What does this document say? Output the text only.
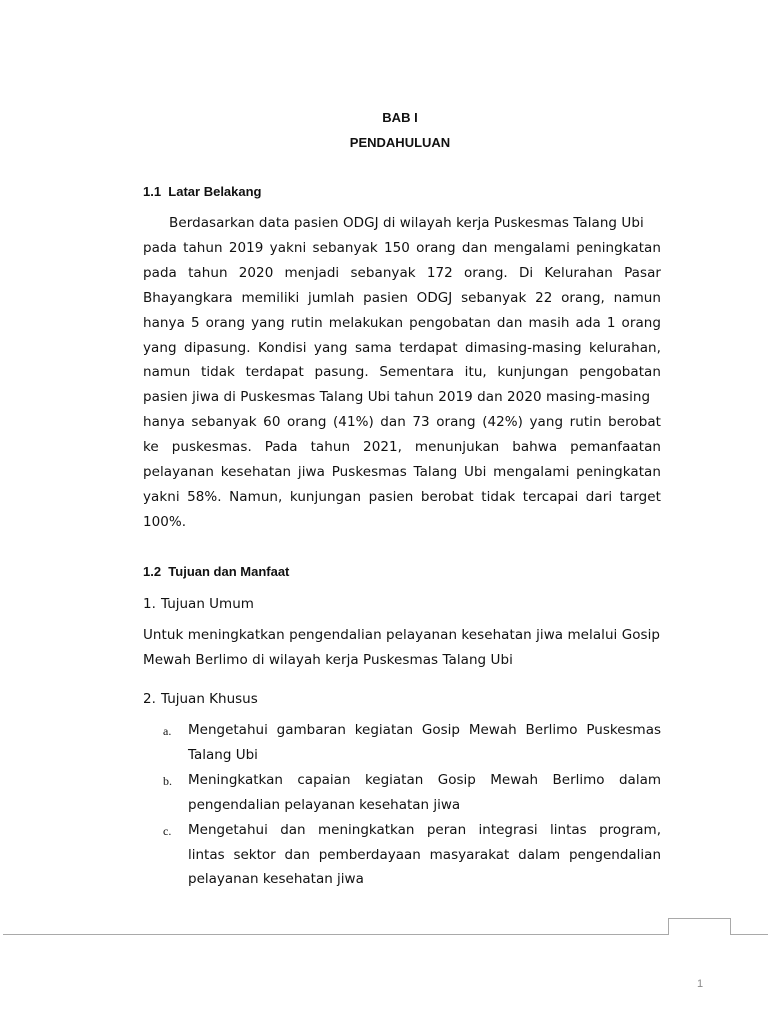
BAB I
PENDAHULUAN
1.1  Latar Belakang
Berdasarkan data pasien ODGJ di wilayah kerja Puskesmas Talang Ubi
pada tahun 2019 yakni sebanyak 150 orang dan mengalami peningkatan
pada tahun 2020 menjadi sebanyak 172 orang. Di Kelurahan Pasar
Bhayangkara memiliki jumlah pasien ODGJ sebanyak 22 orang, namun
hanya 5 orang yang rutin melakukan pengobatan dan masih ada 1 orang
yang dipasung. Kondisi yang sama terdapat dimasing-masing kelurahan,
namun tidak terdapat pasung. Sementara itu, kunjungan pengobatan
pasien jiwa di Puskesmas Talang Ubi tahun 2019 dan 2020 masing-masing
hanya sebanyak 60 orang (41%) dan 73 orang (42%) yang rutin berobat
ke puskesmas. Pada tahun 2021, menunjukan bahwa pemanfaatan
pelayanan kesehatan jiwa Puskesmas Talang Ubi mengalami peningkatan
yakni 58%. Namun, kunjungan pasien berobat tidak tercapai dari target
100%.
1.2  Tujuan dan Manfaat
1. Tujuan Umum
Untuk meningkatkan pengendalian pelayanan kesehatan jiwa melalui Gosip
Mewah Berlimo di wilayah kerja Puskesmas Talang Ubi
2. Tujuan Khusus
a. Mengetahui gambaran kegiatan Gosip Mewah Berlimo Puskesmas
Talang Ubi
b. Meningkatkan capaian kegiatan Gosip Mewah Berlimo dalam
pengendalian pelayanan kesehatan jiwa
c. Mengetahui dan meningkatkan peran integrasi lintas program,
lintas sektor dan pemberdayaan masyarakat dalam pengendalian
pelayanan kesehatan jiwa
1
